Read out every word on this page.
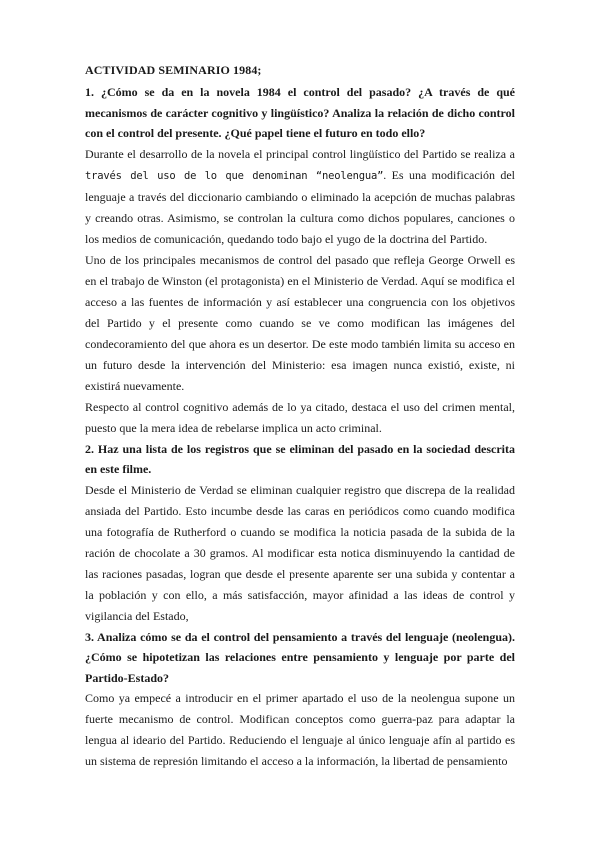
ACTIVIDAD SEMINARIO 1984;

1. ¿Cómo se da en la novela 1984 el control del pasado? ¿A través de qué mecanismos de carácter cognitivo y lingüístico? Analiza la relación de dicho control con el control del presente. ¿Qué papel tiene el futuro en todo ello?

Durante el desarrollo de la novela el principal control lingüístico del Partido se realiza a través del uso de lo que denominan “neolengua”. Es una modificación del lenguaje a través del diccionario cambiando o eliminado la acepción de muchas palabras y creando otras. Asimismo, se controlan la cultura como dichos populares, canciones o los medios de comunicación, quedando todo bajo el yugo de la doctrina del Partido.

Uno de los principales mecanismos de control del pasado que refleja George Orwell es en el trabajo de Winston (el protagonista) en el Ministerio de Verdad. Aquí se modifica el acceso a las fuentes de información y así establecer una congruencia con los objetivos del Partido y el presente como cuando se ve como modifican las imágenes del condecoramiento del que ahora es un desertor. De este modo también limita su acceso en un futuro desde la intervención del Ministerio: esa imagen nunca existió, existe, ni existirá nuevamente.

Respecto al control cognitivo además de lo ya citado, destaca el uso del crimen mental, puesto que la mera idea de rebelarse implica un acto criminal.

2. Haz una lista de los registros que se eliminan del pasado en la sociedad descrita en este filme.

Desde el Ministerio de Verdad se eliminan cualquier registro que discrepa de la realidad ansiada del Partido. Esto incumbe desde las caras en periódicos como cuando modifica una fotografía de Rutherford o cuando se modifica la noticia pasada de la subida de la ración de chocolate a 30 gramos. Al modificar esta notica disminuyendo la cantidad de las raciones pasadas, logran que desde el presente aparente ser una subida y contentar a la población y con ello, a más satisfacción, mayor afinidad a las ideas de control y vigilancia del Estado,

3. Analiza cómo se da el control del pensamiento a través del lenguaje (neolengua). ¿Cómo se hipotetizan las relaciones entre pensamiento y lenguaje por parte del Partido-Estado?

Como ya empecé a introducir en el primer apartado el uso de la neolengua supone un fuerte mecanismo de control. Modifican conceptos como guerra-paz para adaptar la lengua al ideario del Partido. Reduciendo el lenguaje al único lenguaje afín al partido es un sistema de represión limitando el acceso a la información, la libertad de pensamiento
